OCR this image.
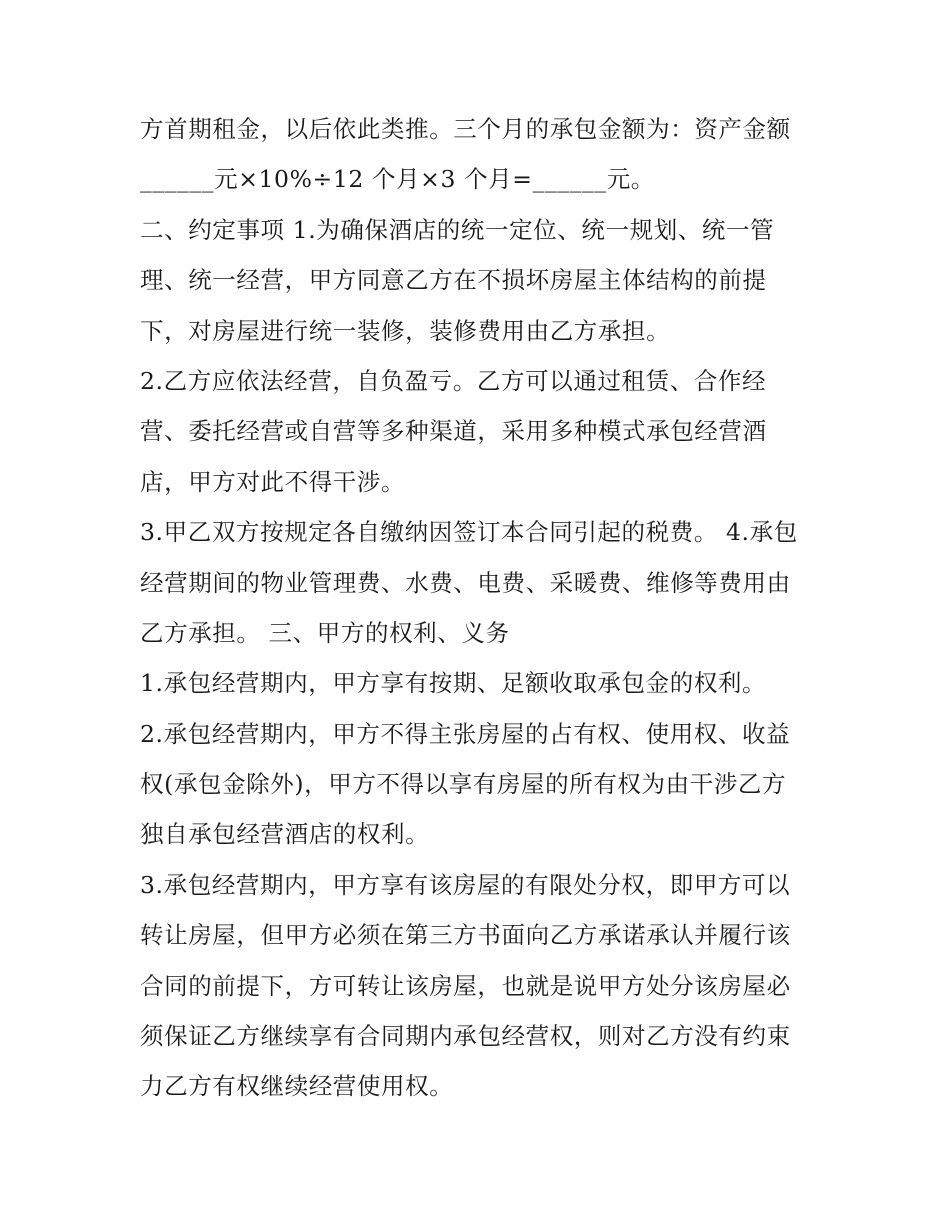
方首期租金，以后依此类推。三个月的承包金额为：资产金额
______元×10%÷12 个月×3 个月=______元。
二、约定事项 1.为确保酒店的统一定位、统一规划、统一管
理、统一经营，甲方同意乙方在不损坏房屋主体结构的前提
下，对房屋进行统一装修，装修费用由乙方承担。
2.乙方应依法经营，自负盈亏。乙方可以通过租赁、合作经
营、委托经营或自营等多种渠道，采用多种模式承包经营酒
店，甲方对此不得干涉。
3.甲乙双方按规定各自缴纳因签订本合同引起的税费。 4.承包
经营期间的物业管理费、水费、电费、采暖费、维修等费用由
乙方承担。 三、甲方的权利、义务
1.承包经营期内，甲方享有按期、足额收取承包金的权利。
2.承包经营期内，甲方不得主张房屋的占有权、使用权、收益
权(承包金除外)，甲方不得以享有房屋的所有权为由干涉乙方
独自承包经营酒店的权利。
3.承包经营期内，甲方享有该房屋的有限处分权，即甲方可以
转让房屋，但甲方必须在第三方书面向乙方承诺承认并履行该
合同的前提下，方可转让该房屋，也就是说甲方处分该房屋必
须保证乙方继续享有合同期内承包经营权，则对乙方没有约束
力乙方有权继续经营使用权。
